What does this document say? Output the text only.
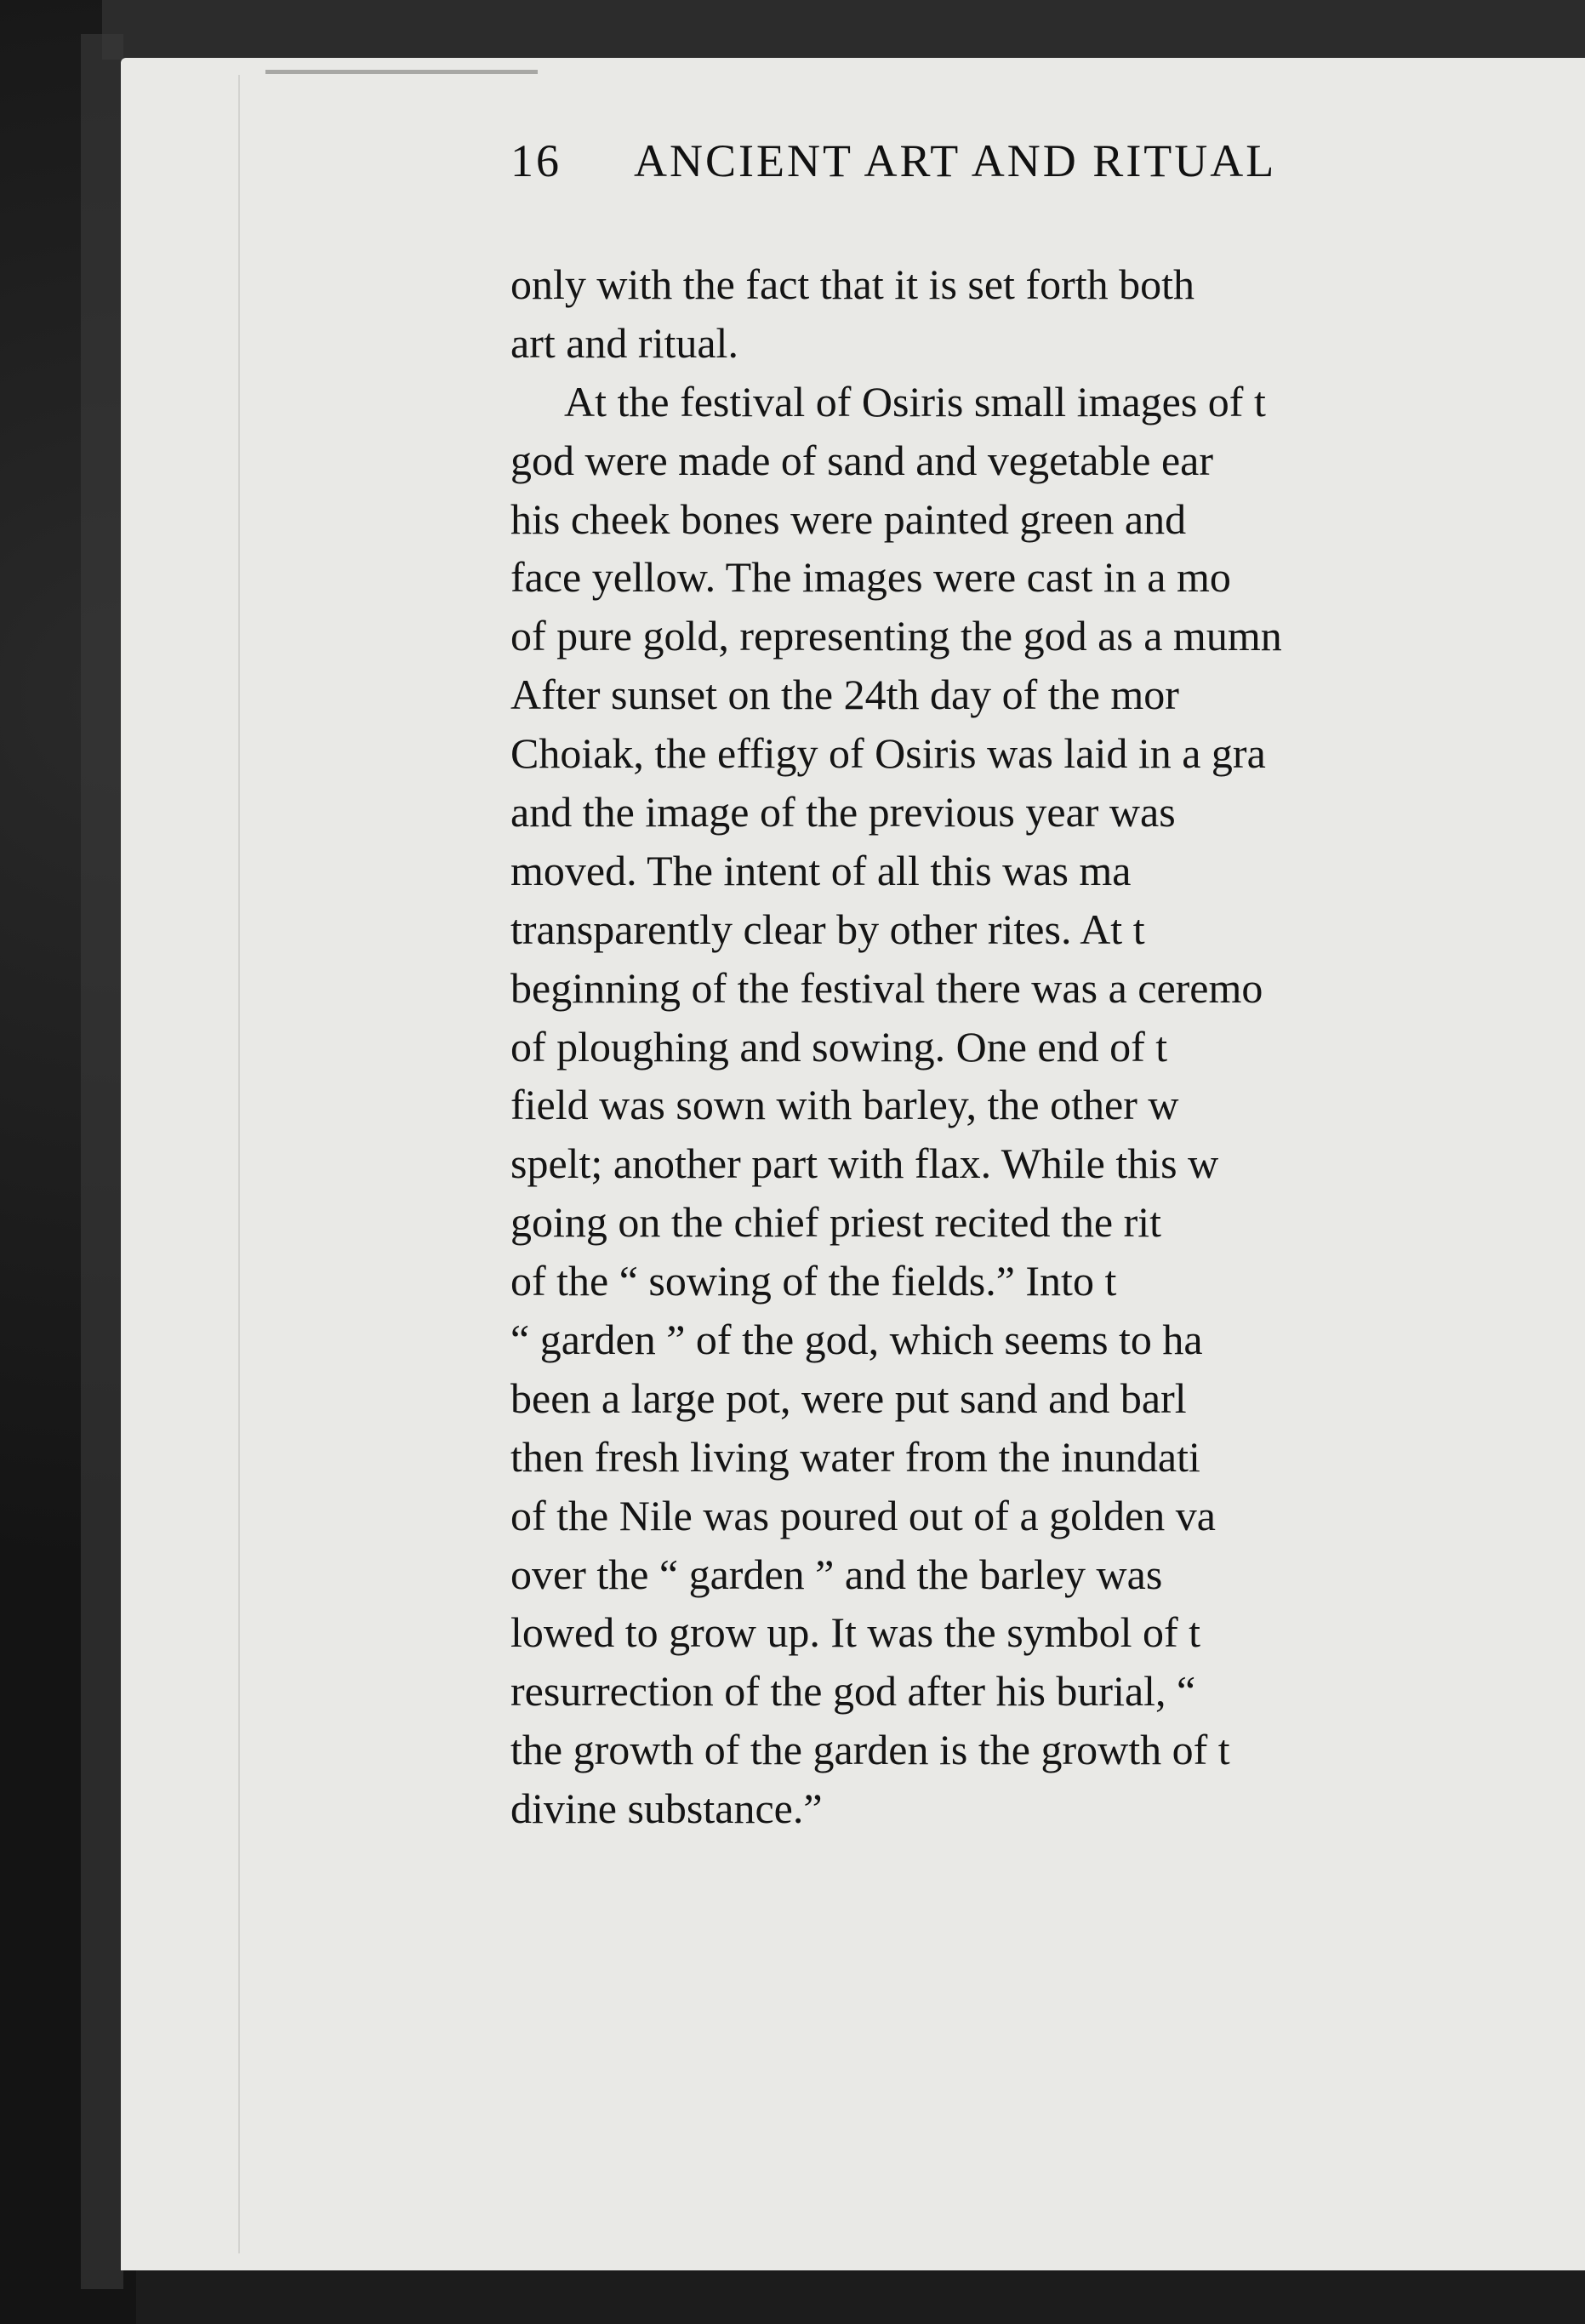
16 ANCIENT ART AND RITUAL
only with the fact that it is set forth both
art and ritual.
At the festival of Osiris small images of t
god were made of sand and vegetable ear
his cheek bones were painted green and
face yellow. The images were cast in a mo
of pure gold, representing the god as a mumn
After sunset on the 24th day of the mor
Choiak, the effigy of Osiris was laid in a gra
and the image of the previous year was
moved. The intent of all this was ma
transparently clear by other rites. At t
beginning of the festival there was a ceremo
of ploughing and sowing. One end of t
field was sown with barley, the other w
spelt; another part with flax. While this w
going on the chief priest recited the rit
of the “ sowing of the fields.” Into t
“ garden ” of the god, which seems to ha
been a large pot, were put sand and barl
then fresh living water from the inundati
of the Nile was poured out of a golden va
over the “ garden ” and the barley was
lowed to grow up. It was the symbol of t
resurrection of the god after his burial, “
the growth of the garden is the growth of t
divine substance.”
